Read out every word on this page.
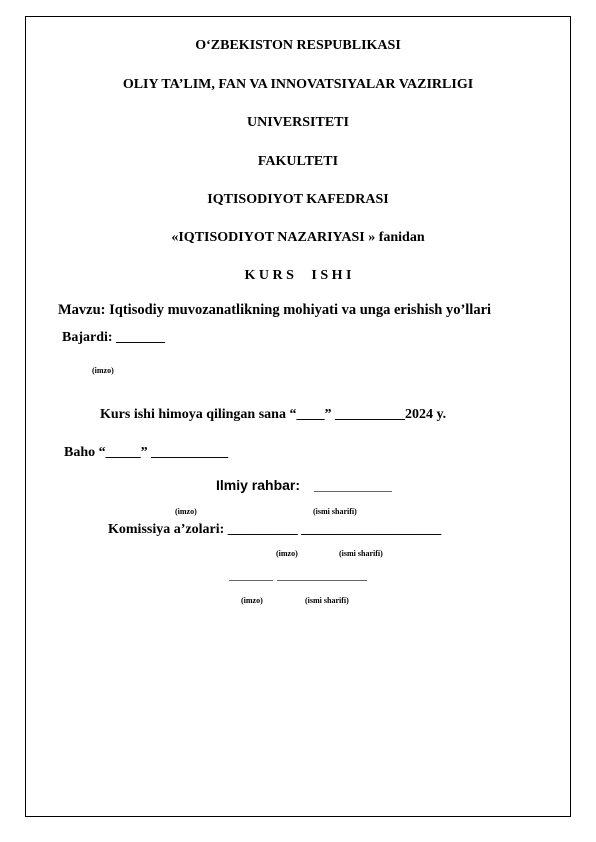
O‘ZBEKISTON RESPUBLIKASI
OLIY TA’LIM, FAN VA INNOVATSIYALAR VAZIRLIGI
UNIVERSITETI
FAKULTETI
IQTISODIYOT KAFEDRASI
«IQTISODIYOT NAZARIYASI » fanidan
K U R S     I S H I
Mavzu: Iqtisodiy muvozanatlikning mohiyati va unga erishish yo’llari
Bajardi: _______
(imzo)
Kurs ishi himoya qilingan sana “____” __________2024 y.
Baho “_____” ___________
Ilmiy rahbar:
(imzo)	(ismi sharifi)
Komissiya a’zolari: __________ ____________________
(imzo)	(ismi sharifi)
(imzo)	(ismi sharifi)
